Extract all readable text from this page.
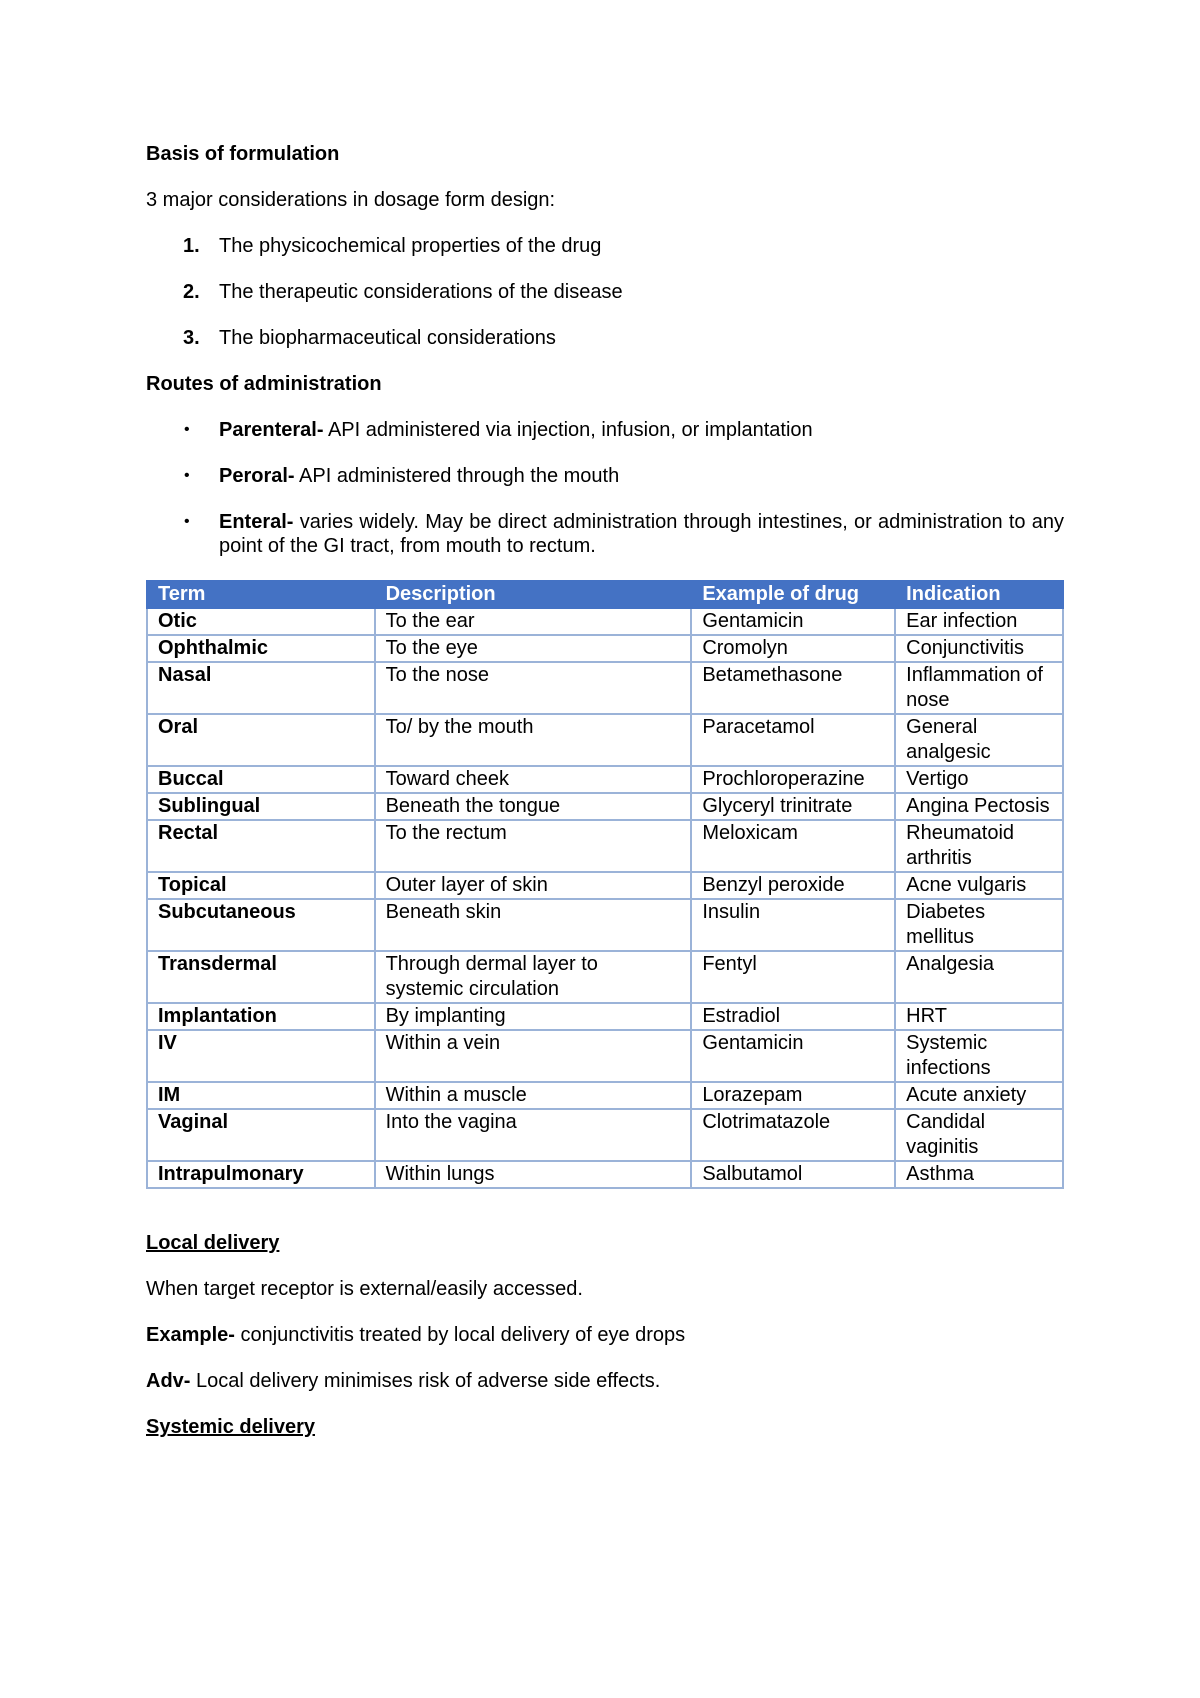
Basis of formulation

3 major considerations in dosage form design:

1. The physicochemical properties of the drug
2. The therapeutic considerations of the disease
3. The biopharmaceutical considerations

Routes of administration

•	Parenteral- API administered via injection, infusion, or implantation
•	Peroral- API administered through the mouth
•	Enteral- varies widely. May be direct administration through intestines, or administration to any point of the GI tract, from mouth to rectum.
Term	Description	Example of drug	Indication
Otic	To the ear	Gentamicin	Ear infection
Ophthalmic	To the eye	Cromolyn	Conjunctivitis
Nasal	To the nose	Betamethasone	Inflammation of nose
Oral	To/ by the mouth	Paracetamol	General analgesic
Buccal	Toward cheek	Prochloroperazine	Vertigo
Sublingual	Beneath the tongue	Glyceryl trinitrate	Angina Pectosis
Rectal	To the rectum	Meloxicam	Rheumatoid arthritis
Topical	Outer layer of skin	Benzyl peroxide	Acne vulgaris
Subcutaneous	Beneath skin	Insulin	Diabetes mellitus
Transdermal	Through dermal layer to systemic circulation	Fentyl	Analgesia
Implantation	By implanting	Estradiol	HRT
IV	Within a vein	Gentamicin	Systemic infections
IM	Within a muscle	Lorazepam	Acute anxiety
Vaginal	Into the vagina	Clotrimatazole	Candidal vaginitis
Intrapulmonary	Within lungs	Salbutamol	Asthma

Local delivery

When target receptor is external/easily accessed.

Example- conjunctivitis treated by local delivery of eye drops

Adv- Local delivery minimises risk of adverse side effects.

Systemic delivery
